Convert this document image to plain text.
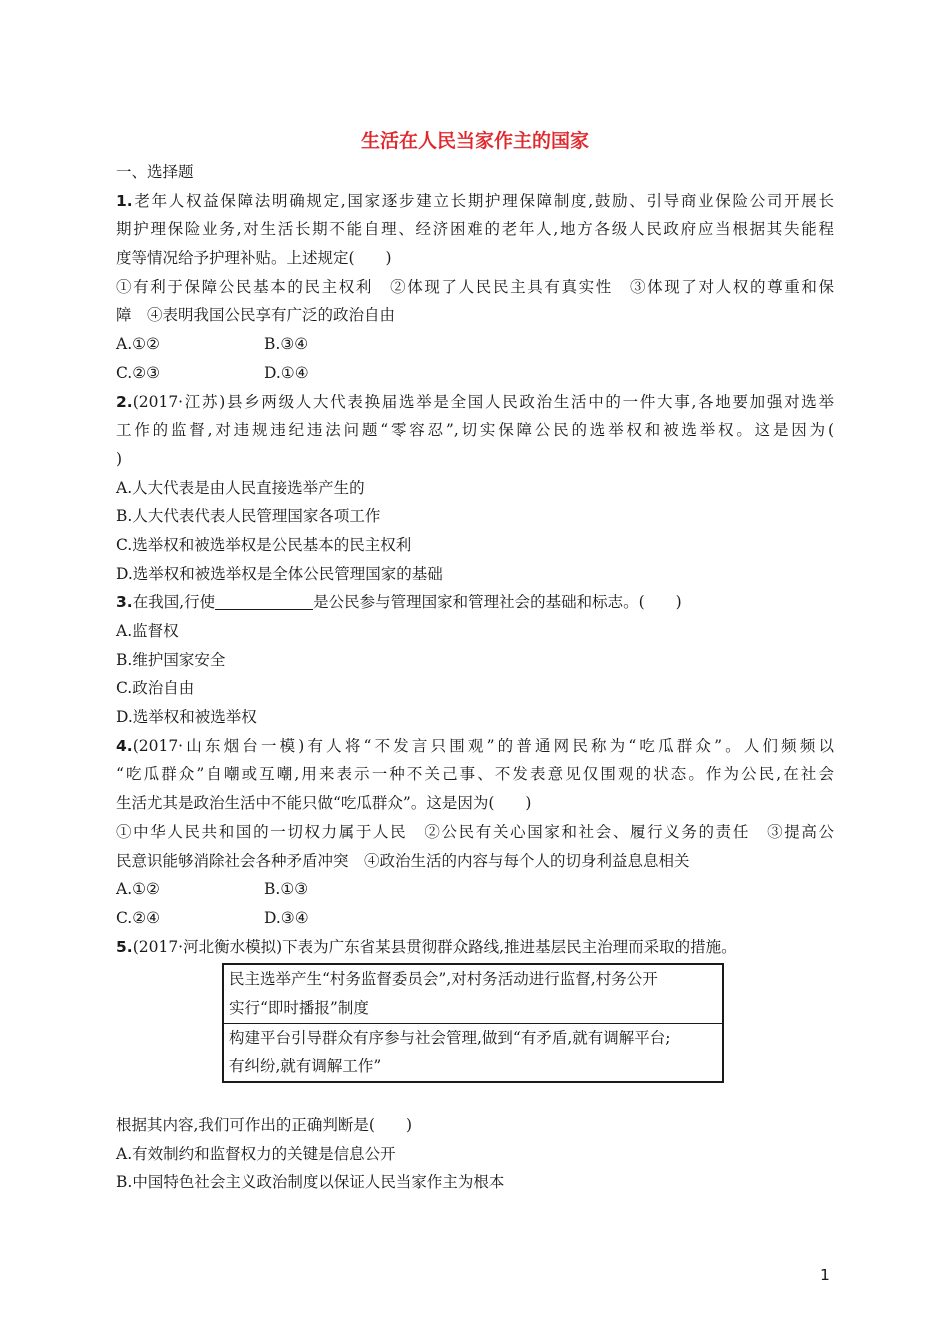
生活在人民当家作主的国家
一、选择题
1.老年人权益保障法明确规定,国家逐步建立长期护理保障制度,鼓励、引导商业保险公司开展长
期护理保险业务,对生活长期不能自理、经济困难的老年人,地方各级人民政府应当根据其失能程
度等情况给予护理补贴。上述规定(　　)
①有利于保障公民基本的民主权利　②体现了人民民主具有真实性　③体现了对人权的尊重和保
障　④表明我国公民享有广泛的政治自由
A.①②	B.③④
C.②③	D.①④
2.(2017·江苏)县乡两级人大代表换届选举是全国人民政治生活中的一件大事,各地要加强对选举
工作的监督,对违规违纪违法问题“零容忍”,切实保障公民的选举权和被选举权。这是因为(
)
A.人大代表是由人民直接选举产生的
B.人大代表代表人民管理国家各项工作
C.选举权和被选举权是公民基本的民主权利
D.选举权和被选举权是全体公民管理国家的基础
3.在我国,行使	是公民参与管理国家和管理社会的基础和标志。(　　)
A.监督权
B.维护国家安全
C.政治自由
D.选举权和被选举权
4.(2017·山东烟台一模)有人将“不发言只围观”的普通网民称为“吃瓜群众”。人们频频以
“吃瓜群众”自嘲或互嘲,用来表示一种不关己事、不发表意见仅围观的状态。作为公民,在社会
生活尤其是政治生活中不能只做“吃瓜群众”。这是因为(　　)
①中华人民共和国的一切权力属于人民　②公民有关心国家和社会、履行义务的责任　③提高公
民意识能够消除社会各种矛盾冲突　④政治生活的内容与每个人的切身利益息息相关
A.①②	B.①③
C.②④	D.③④
5.(2017·河北衡水模拟)下表为广东省某县贯彻群众路线,推进基层民主治理而采取的措施。
民主选举产生“村务监督委员会”,对村务活动进行监督,村务公开
实行“即时播报”制度

构建平台引导群众有序参与社会管理,做到“有矛盾,就有调解平台;
有纠纷,就有调解工作”
根据其内容,我们可作出的正确判断是(　　)
A.有效制约和监督权力的关键是信息公开
B.中国特色社会主义政治制度以保证人民当家作主为根本
1
